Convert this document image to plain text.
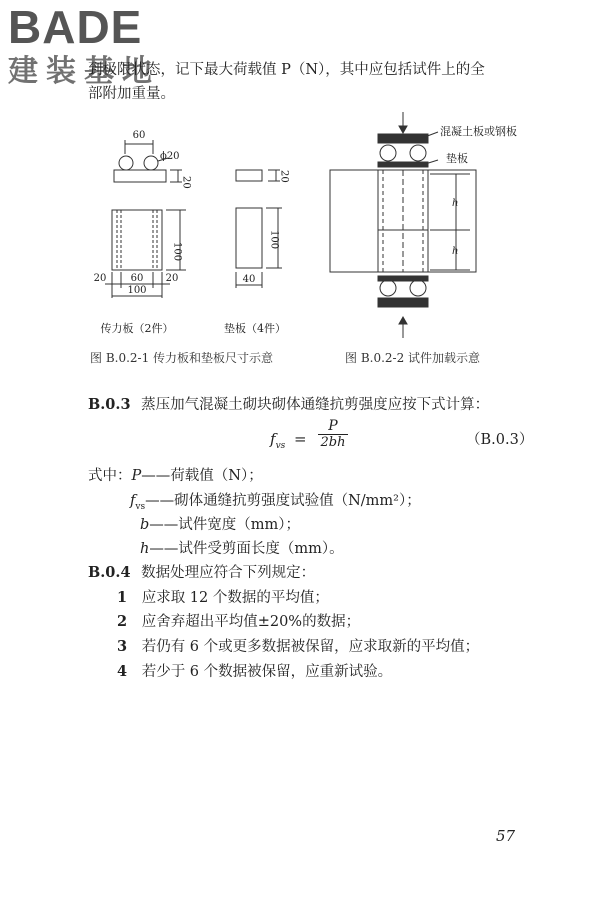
BADE
建装基地
到极限状态，记下最大荷载值 P（N），其中应包括试件上的全
部附加重量。
60
ϕ20
20
100
20 60 20
100
传力板（2件）
20
100
40
垫板（4件）
混凝土板或钢板
垫板
h
h
图 B.0.2-1 传力板和垫板尺寸示意	图 B.0.2-2 试件加载示意
B.0.3 蒸压加气混凝土砌块砌体通缝抗剪强度应按下式计算：
$f_{vs} = \frac{P}{2bh}$	（B.0.3）
式中：P——荷载值（N）；
$f_{vs}——$砌体通缝抗剪强度试验值（N/mm²）；
b——试件宽度（mm）；
h——试件受剪面长度（mm）。
B.0.4 数据处理应符合下列规定：
1 应求取 12 个数据的平均值；
2 应舍弃超出平均值±20%的数据；
3 若仍有 6 个或更多数据被保留，应求取新的平均值；
4 若少于 6 个数据被保留，应重新试验。
57
